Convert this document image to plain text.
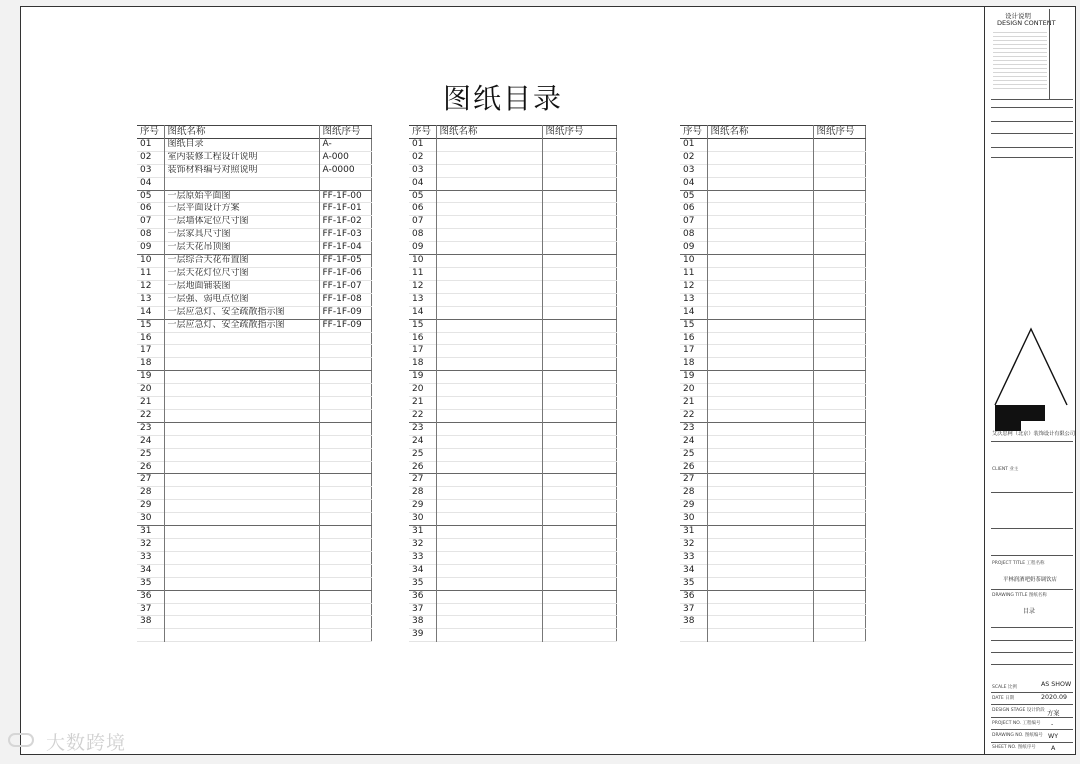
图纸目录
序号	图纸名称	图纸序号
01	图纸目录	A-
02	室内装修工程设计说明	A-000
03	装饰材料编号对照说明	A-0000
04		
05	一层原始平面图	FF-1F-00
06	一层平面设计方案	FF-1F-01
07	一层墙体定位尺寸图	FF-1F-02
08	一层家具尺寸图	FF-1F-03
09	一层天花吊顶图	FF-1F-04
10	一层综合天花布置图	FF-1F-05
11	一层天花灯位尺寸图	FF-1F-06
12	一层地面铺装图	FF-1F-07
13	一层强、弱电点位图	FF-1F-08
14	一层应急灯、安全疏散指示图	FF-1F-09
15	一层应急灯、安全疏散指示图	FF-1F-09
16		
17		
18		
19		
20		
21		
22		
23		
24		
25		
26		
27		
28		
29		
30		
31		
32		
33		
34		
35		
36		
37		
38		

序号	图纸名称	图纸序号
01		
02		
03		
04		
05		
06		
07		
08		
09		
10		
11		
12		
13		
14		
15		
16		
17		
18		
19		
20		
21		
22		
23		
24		
25		
26		
27		
28		
29		
30		
31		
32		
33		
34		
35		
36		
37		
38		
39		
序号	图纸名称	图纸序号
01		
02		
03		
04		
05		
06		
07		
08		
09		
10		
11		
12		
13		
14		
15		
16		
17		
18		
19		
20		
21		
22		
23		
24		
25		
26		
27		
28		
29		
30		
31		
32		
33		
34		
35		
36		
37		
38		

设计说明
DESIGN CONTENT
艾沃思柯（北京）装饰设计有限公司
CLIENT 业主
PROJECT TITLE 工程名称
平林润酒吧奶茶调饮店
DRAWING TITLE 图纸名称
目录
SCALE 比例	AS SHOW
DATE 日期	2020.09
DESIGN STAGE 设计阶段 方案
PROJECT NO. 工程编号 -
DRAWING NO. 图纸编号 WY
SHEET NO. 图纸序号 A
大数跨境
